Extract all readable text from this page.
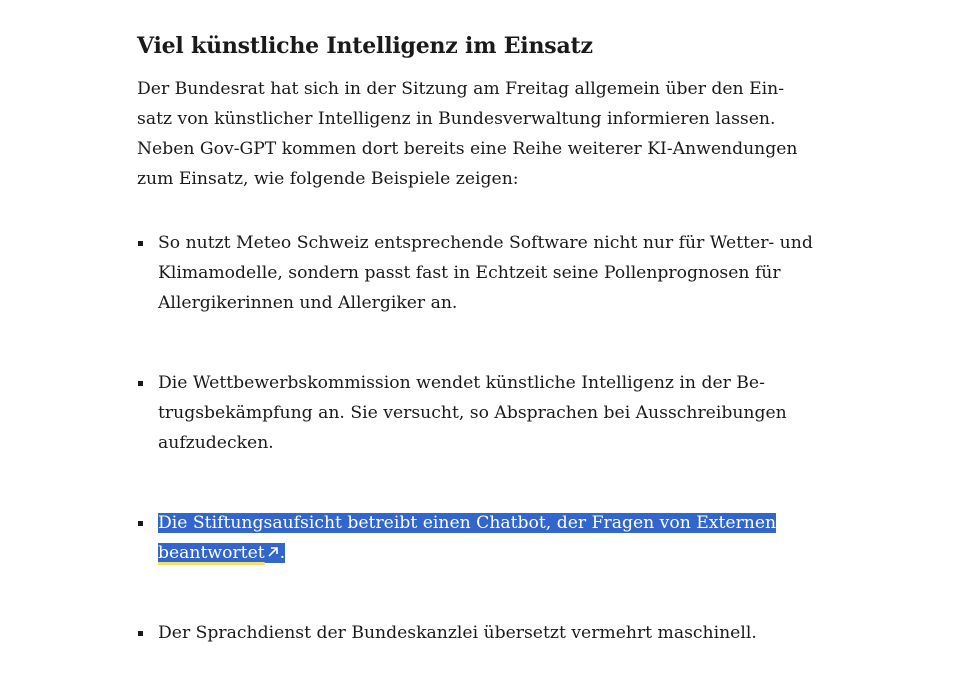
Viel künstliche Intelligenz im Einsatz

Der Bundesrat hat sich in der Sitzung am Freitag allgemein über den Einsatz von künstlicher Intelligenz in Bundesverwaltung informieren lassen. Neben Gov-GPT kommen dort bereits eine Reihe weiterer KI-Anwendungen zum Einsatz, wie folgende Beispiele zeigen:

So nutzt Meteo Schweiz entsprechende Software nicht nur für Wetter- und Klimamodelle, sondern passt fast in Echtzeit seine Pollenprognosen für Allergikerinnen und Allergiker an.
Die Wettbewerbskommission wendet künstliche Intelligenz in der Betrugsbekämpfung an. Sie versucht, so Absprachen bei Ausschreibungen aufzudecken.
Die Stiftungsaufsicht betreibt einen Chatbot, der Fragen von Externen beantwortet .
Der Sprachdienst der Bundeskanzlei übersetzt vermehrt maschinell.
